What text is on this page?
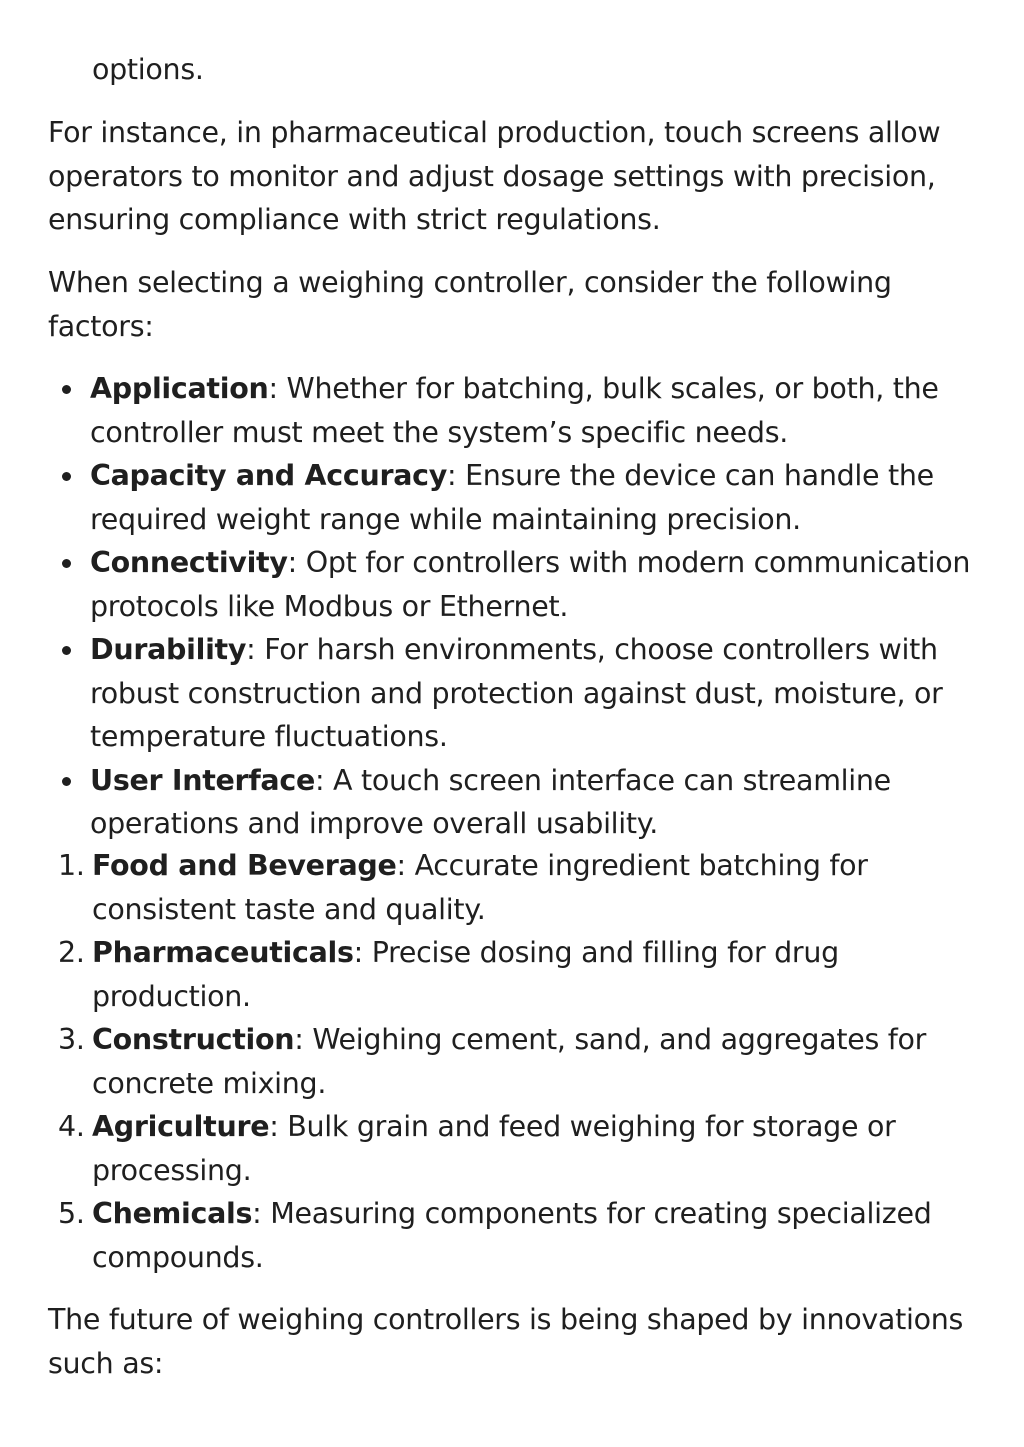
options.

For instance, in pharmaceutical production, touch screens allow operators to monitor and adjust dosage settings with precision, ensuring compliance with strict regulations.

When selecting a weighing controller, consider the following factors:

Application: Whether for batching, bulk scales, or both, the controller must meet the system’s specific needs.
Capacity and Accuracy: Ensure the device can handle the required weight range while maintaining precision.
Connectivity: Opt for controllers with modern communication protocols like Modbus or Ethernet.
Durability: For harsh environments, choose controllers with robust construction and protection against dust, moisture, or temperature fluctuations.
User Interface: A touch screen interface can streamline operations and improve overall usability.
1. Food and Beverage: Accurate ingredient batching for consistent taste and quality.
2. Pharmaceuticals: Precise dosing and filling for drug production.
3. Construction: Weighing cement, sand, and aggregates for concrete mixing.
4. Agriculture: Bulk grain and feed weighing for storage or processing.
5. Chemicals: Measuring components for creating specialized compounds.

The future of weighing controllers is being shaped by innovations such as:
